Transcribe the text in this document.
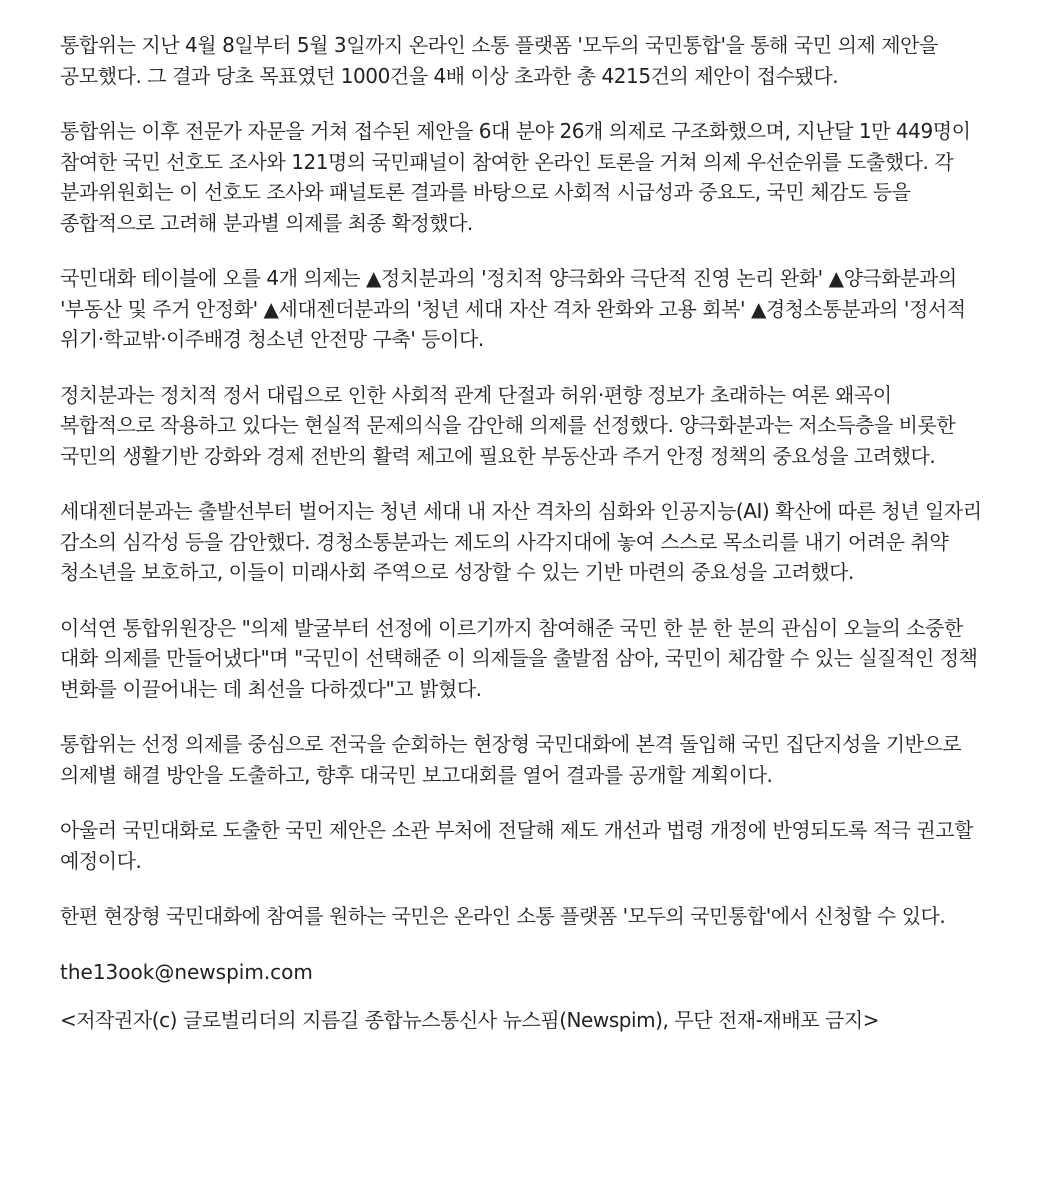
통합위는 지난 4월 8일부터 5월 3일까지 온라인 소통 플랫폼 '모두의 국민통합'을 통해 국민 의제 제안을 공모했다. 그 결과 당초 목표였던 1000건을 4배 이상 초과한 총 4215건의 제안이 접수됐다.

통합위는 이후 전문가 자문을 거쳐 접수된 제안을 6대 분야 26개 의제로 구조화했으며, 지난달 1만 449명이 참여한 국민 선호도 조사와 121명의 국민패널이 참여한 온라인 토론을 거쳐 의제 우선순위를 도출했다. 각 분과위원회는 이 선호도 조사와 패널토론 결과를 바탕으로 사회적 시급성과 중요도, 국민 체감도 등을 종합적으로 고려해 분과별 의제를 최종 확정했다.

국민대화 테이블에 오를 4개 의제는 ▲정치분과의 '정치적 양극화와 극단적 진영 논리 완화' ▲양극화분과의 '부동산 및 주거 안정화' ▲세대젠더분과의 '청년 세대 자산 격차 완화와 고용 회복' ▲경청소통분과의 '정서적 위기·학교밖·이주배경 청소년 안전망 구축' 등이다.

정치분과는 정치적 정서 대립으로 인한 사회적 관계 단절과 허위·편향 정보가 초래하는 여론 왜곡이 복합적으로 작용하고 있다는 현실적 문제의식을 감안해 의제를 선정했다. 양극화분과는 저소득층을 비롯한 국민의 생활기반 강화와 경제 전반의 활력 제고에 필요한 부동산과 주거 안정 정책의 중요성을 고려했다.

세대젠더분과는 출발선부터 벌어지는 청년 세대 내 자산 격차의 심화와 인공지능(AI) 확산에 따른 청년 일자리 감소의 심각성 등을 감안했다. 경청소통분과는 제도의 사각지대에 놓여 스스로 목소리를 내기 어려운 취약 청소년을 보호하고, 이들이 미래사회 주역으로 성장할 수 있는 기반 마련의 중요성을 고려했다.

이석연 통합위원장은 "의제 발굴부터 선정에 이르기까지 참여해준 국민 한 분 한 분의 관심이 오늘의 소중한 대화 의제를 만들어냈다"며 "국민이 선택해준 이 의제들을 출발점 삼아, 국민이 체감할 수 있는 실질적인 정책 변화를 이끌어내는 데 최선을 다하겠다"고 밝혔다.

통합위는 선정 의제를 중심으로 전국을 순회하는 현장형 국민대화에 본격 돌입해 국민 집단지성을 기반으로 의제별 해결 방안을 도출하고, 향후 대국민 보고대회를 열어 결과를 공개할 계획이다.

아울러 국민대화로 도출한 국민 제안은 소관 부처에 전달해 제도 개선과 법령 개정에 반영되도록 적극 권고할 예정이다.

한편 현장형 국민대화에 참여를 원하는 국민은 온라인 소통 플랫폼 '모두의 국민통합'에서 신청할 수 있다.

the13ook@newspim.com

<저작권자(c) 글로벌리더의 지름길 종합뉴스통신사 뉴스핌(Newspim), 무단 전재-재배포 금지>
